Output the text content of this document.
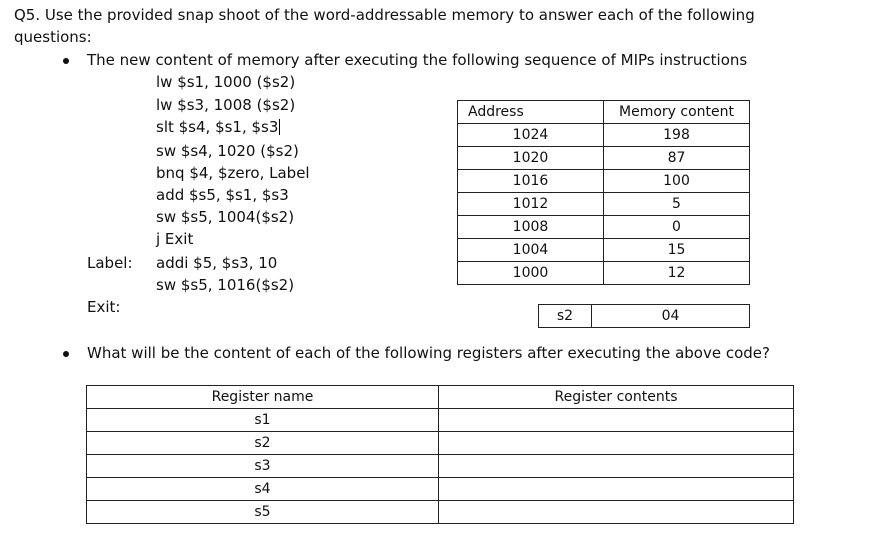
Q5. Use the provided snap shoot of the word-addressable memory to answer each of the following
questions:
The new content of memory after executing the following sequence of MIPs instructions
lw $s1, 1000 ($s2)
lw $s3, 1008 ($s2)
slt $s4, $s1, $s3
sw $s4, 1020 ($s2)
bnq $4, $zero, Label
add $s5, $s1, $s3
sw $s5, 1004($s2)
j Exit
Label: addi $5, $s3, 10
sw $s5, 1016($s2)
Exit:
Address	Memory content
1024	198
1020	87
1016	100
1012	5
1008	0
1004	15
1000	12
s2	04
What will be the content of each of the following registers after executing the above code?
Register name	Register contents
s1	
s2	
s3	
s4	
s5	
